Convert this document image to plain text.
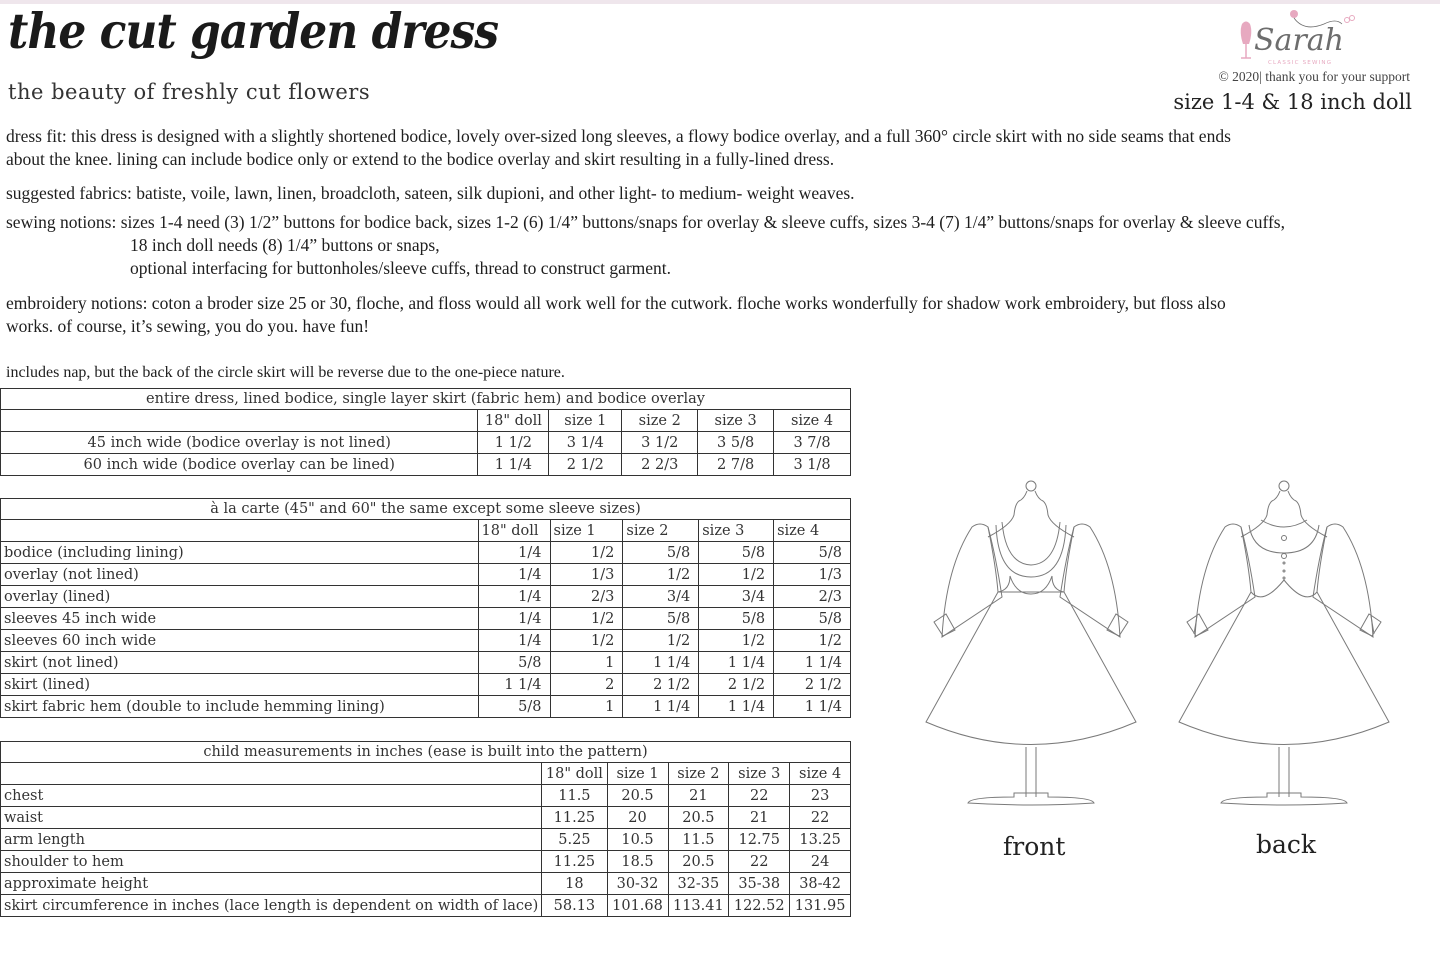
the cut garden dress
the beauty of freshly cut flowers
Sarah
CLASSIC SEWING
© 2020| thank you for your support
size 1-4 & 18 inch doll
dress fit: this dress is designed with a slightly shortened bodice, lovely over-sized long sleeves, a flowy bodice overlay, and a full 360° circle skirt with no side seams that ends
about the knee. lining can include bodice only or extend to the bodice overlay and skirt resulting in a fully-lined dress.
suggested fabrics: batiste, voile, lawn, linen, broadcloth, sateen, silk dupioni, and other light- to medium- weight weaves.
sewing notions: sizes 1-4 need (3) 1/2” buttons for bodice back, sizes 1-2 (6) 1/4” buttons/snaps for overlay & sleeve cuffs, sizes 3-4 (7) 1/4” buttons/snaps for overlay & sleeve cuffs,
18 inch doll needs (8) 1/4” buttons or snaps,
optional interfacing for buttonholes/sleeve cuffs, thread to construct garment.
embroidery notions: coton a broder size 25 or 30, floche, and floss would all work well for the cutwork. floche works wonderfully for shadow work embroidery, but floss also
works. of course, it’s sewing, you do you. have fun!
includes nap, but the back of the circle skirt will be reverse due to the one-piece nature.
entire dress, lined bodice, single layer skirt (fabric hem) and bodice overlay					
	18" doll	size 1	size 2	size 3	size 4
45 inch wide (bodice overlay is not lined)	1 1/2	3 1/4	3 1/2	3 5/8	3 7/8
60 inch wide (bodice overlay can be lined)	1 1/4	2 1/2	2 2/3	2 7/8	3 1/8
à la carte (45" and 60" the same except some sleeve sizes)					
	18" doll	size 1	size 2	size 3	size 4
bodice (including lining)	1/4	1/2	5/8	5/8	5/8
overlay (not lined)	1/4	1/3	1/2	1/2	1/3
overlay (lined)	1/4	2/3	3/4	3/4	2/3
sleeves 45 inch wide	1/4	1/2	5/8	5/8	5/8
sleeves 60 inch wide	1/4	1/2	1/2	1/2	1/2
skirt (not lined)	5/8	1	1 1/4	1 1/4	1 1/4
skirt (lined)	1 1/4	2	2 1/2	2 1/2	2 1/2
skirt fabric hem (double to include hemming lining)	5/8	1	1 1/4	1 1/4	1 1/4
child measurements in inches (ease is built into the pattern)					
	18" doll	size 1	size 2	size 3	size 4
chest	11.5	20.5	21	22	23
waist	11.25	20	20.5	21	22
arm length	5.25	10.5	11.5	12.75	13.25
shoulder to hem	11.25	18.5	20.5	22	24
approximate height	18	30-32	32-35	35-38	38-42
skirt circumference in inches (lace length is dependent on width of lace)	58.13	101.68	113.41	122.52	131.95
front	back
